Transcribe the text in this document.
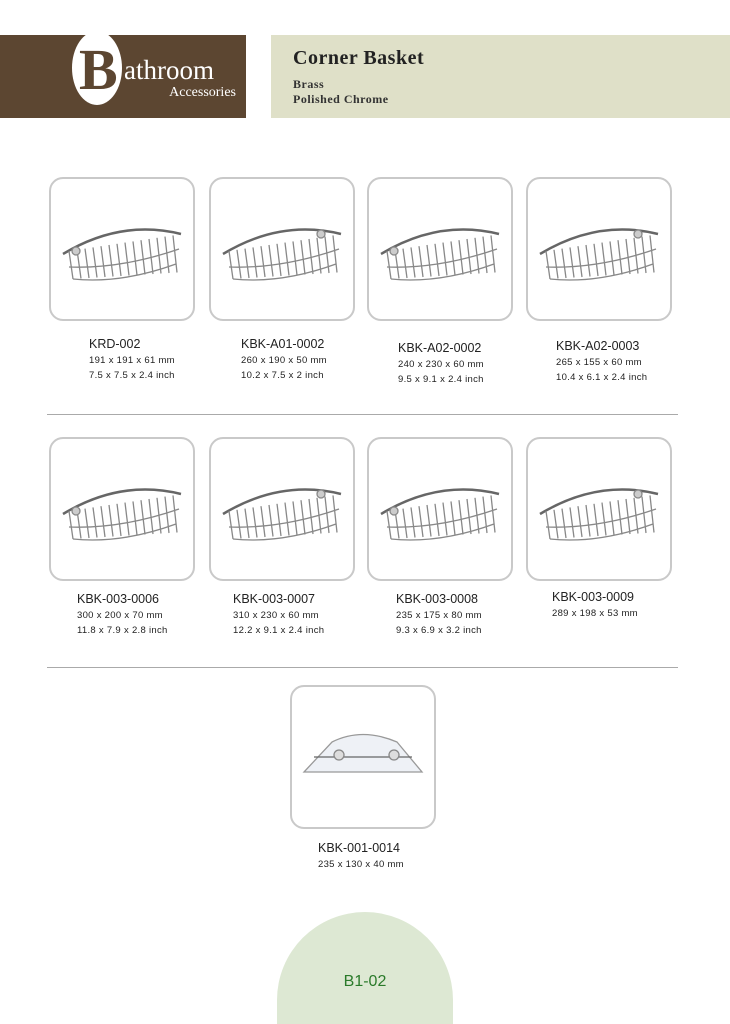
B athroom
Accessories
Corner Basket
Brass
Polished Chrome
KRD-002
191 x 191 x 61 mm
7.5 x 7.5 x 2.4 inch
KBK-A01-0002
260 x 190 x 50 mm
10.2 x 7.5 x 2 inch
KBK-A02-0002
240 x 230 x 60 mm
9.5 x 9.1 x 2.4 inch
KBK-A02-0003
265 x 155 x 60 mm
10.4 x 6.1 x 2.4 inch
KBK-003-0006
300 x 200 x 70 mm
11.8 x 7.9 x 2.8 inch
KBK-003-0007
310 x 230 x 60 mm
12.2 x 9.1 x 2.4 inch
KBK-003-0008
235 x 175 x 80 mm
9.3 x 6.9 x 3.2 inch
KBK-003-0009
289 x 198 x 53 mm
KBK-001-0014
235 x 130 x 40 mm
B1-02
